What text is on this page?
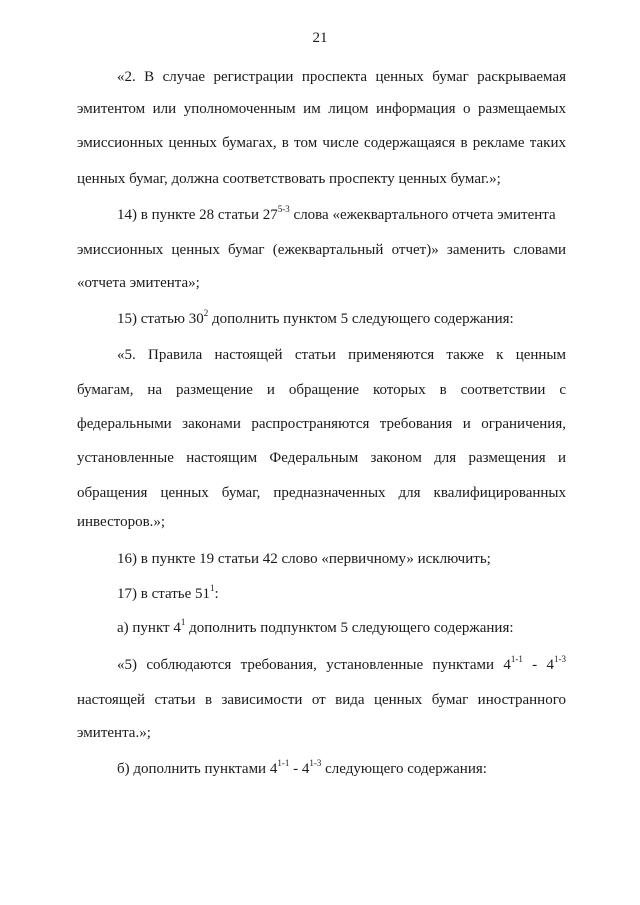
21
«2. В случае регистрации проспекта ценных бумаг раскрываемая
эмитентом или уполномоченным им лицом информация о размещаемых
эмиссионных ценных бумагах, в том числе содержащаяся в рекламе таких
ценных бумаг, должна соответствовать проспекту ценных бумаг.»;
14) в пункте 28 статьи 27$^{5-3}$ слова «ежеквартального отчета эмитента
эмиссионных ценных бумаг (ежеквартальный отчет)» заменить словами
«отчета эмитента»;
15) статью $30^2$ дополнить пунктом 5 следующего содержания:
«5. Правила настоящей статьи применяются также к ценным
бумагам, на размещение и обращение которых в соответствии с
федеральными законами распространяются требования и ограничения,
установленные настоящим Федеральным законом для размещения и
обращения ценных бумаг, предназначенных для квалифицированных
инвесторов.»;
16) в пункте 19 статьи 42 слово «первичному» исключить;
17) в статье $51^1$:
а) пункт $4^1$ дополнить подпунктом 5 следующего содержания:
«5) соблюдаются требования, установленные пунктами 4$^{1-1}$ - 4$^{1-3}$
настоящей статьи в зависимости от вида ценных бумаг иностранного
эмитента.»;
б) дополнить пунктами 4$^{1-1}$ - 4$^{1-3}$ следующего содержания:
